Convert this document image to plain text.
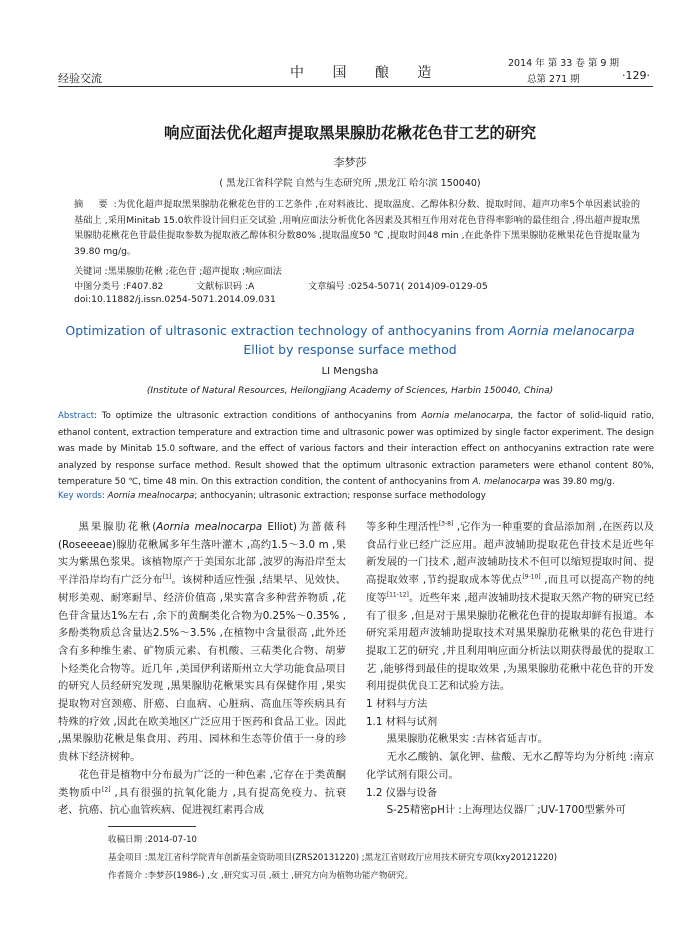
经验交流	中 国 酿 造
2014 年 第 33 卷 第 9 期
总第 271 期	·129·
响应面法优化超声提取黑果腺肋花楸花色苷工艺的研究
李梦莎
( 黑龙江省科学院 自然与生态研究所 ,黑龙江 哈尔滨 150040)
摘 要:为优化超声提取黑果腺肋花楸花色苷的工艺条件 ,在对料液比、提取温度、乙醇体积分数、提取时间、超声功率5个单因素试验的基础上 ,采用Minitab 15.0软件设计回归正交试验 ,用响应面法分析优化各因素及其相互作用对花色苷得率影响的最佳组合 ,得出超声提取黑果腺肋花楸花色苷最佳提取参数为提取液乙醇体积分数80% ,提取温度50 ℃ ,提取时间48 min ,在此条件下黑果腺肋花楸果花色苷提取量为39.80 mg/g。
关键词 :黑果腺肋花楸 ;花色苷 ;超声提取 ;响应面法
中图分类号 :F407.82	文献标识码 :A	文章编号 :0254-5071( 2014)09-0129-05
doi:10.11882/j.issn.0254-5071.2014.09.031
Optimization of ultrasonic extraction technology of anthocyanins from Aornia melanocarpa Elliot by response surface method
LI Mengsha
(Institute of Natural Resources, Heilongjiang Academy of Sciences, Harbin 150040, China)
Abstract: To optimize the ultrasonic extraction conditions of anthocyanins from Aornia melanocarpa, the factor of solid-liquid ratio, ethanol content, extraction temperature and extraction time and ultrasonic power was optimized by single factor experiment. The design was made by Minitab 15.0 software, and the effect of various factors and their interaction effect on anthocyanins extraction rate were analyzed by response surface method. Result showed that the optimum ultrasonic extraction parameters were ethanol content 80%, temperature 50 ℃, time 48 min. On this extraction condition, the content of anthocyanins from A. melanocarpa was 39.80 mg/g.
Key words: Aornia mealnocarpa; anthocyanin; ultrasonic extraction; response surface methodology

黑果腺肋花楸(Aornia mealnocarpa Elliot)为蔷薇科(Roseeeae)腺肋花楸属多年生落叶灌木 ,高约1.5～3.0 m ,果实为紫黑色浆果。该植物原产于美国东北部 ,波罗的海沿岸至太平洋沿岸均有广泛分布[1]。该树种适应性强 ,结果早、见效快、树形美观、耐寒耐旱、经济价值高 ,果实富含多种营养物质 ,花色苷含量达1%左右 ,余下的黄酮类化合物为0.25%～0.35% ,多酚类物质总含量达2.5%～3.5% ,在植物中含量很高 ,此外还含有多种维生素、矿物质元素、有机酸、三萜类化合物、胡萝卜烃类化合物等。近几年 ,美国伊利诺斯州立大学功能食品项目的研究人员经研究发现 ,黑果腺肋花楸果实具有保健作用 ,果实提取物对宫颈癌、肝癌、白血病、心脏病、高血压等疾病具有特殊的疗效 ,因此在欧美地区广泛应用于医药和食品工业。因此 ,黑果腺肋花楸是集食用、药用、园林和生态等价值于一身的珍贵林下经济树种。

花色苷是植物中分布最为广泛的一种色素 ,它存在于类黄酮类物质中[2] ,具有很强的抗氧化能力 ,具有提高免疫力、抗衰老、抗癌、抗心血管疾病、促进视红素再合成

等多种生理活性[3-8] ,它作为一种重要的食品添加剂 ,在医药以及食品行业已经广泛应用。超声波辅助提取花色苷技术是近些年新发展的一门技术 ,超声波辅助技术不但可以缩短提取时间、提高提取效率 ,节约提取成本等优点[9-10] ,而且可以提高产物的纯度等[11-12]。近些年来 ,超声波辅助技术提取天然产物的研究已经有了很多 ,但是对于黑果腺肋花楸花色苷的提取却鲜有报道。本研究采用超声波辅助提取技术对黑果腺肋花楸果的花色苷进行提取工艺的研究 ,并且利用响应面分析法以期获得最优的提取工艺 ,能够得到最佳的提取效果 ,为黑果腺肋花楸中花色苷的开发利用提供优良工艺和试验方法。

1 材料与方法

1.1 材料与试剂

黑果腺肋花楸果实 :吉林省延吉市。

无水乙酸钠、氯化钾、盐酸、无水乙醇等均为分析纯 :南京化学试剂有限公司。

1.2 仪器与设备

S-25精密pH计 :上海理达仪器厂 ;UV-1700型紫外可

收稿日期 :2014-07-10
基金项目 :黑龙江省科学院青年创新基金资助项目(ZRS20131220) ;黑龙江省财政厅应用技术研究专项(kxy20121220)
作者简介 :李梦莎(1986-) ,女 ,研究实习员 ,硕士 ,研究方向为植物功能产物研究。
